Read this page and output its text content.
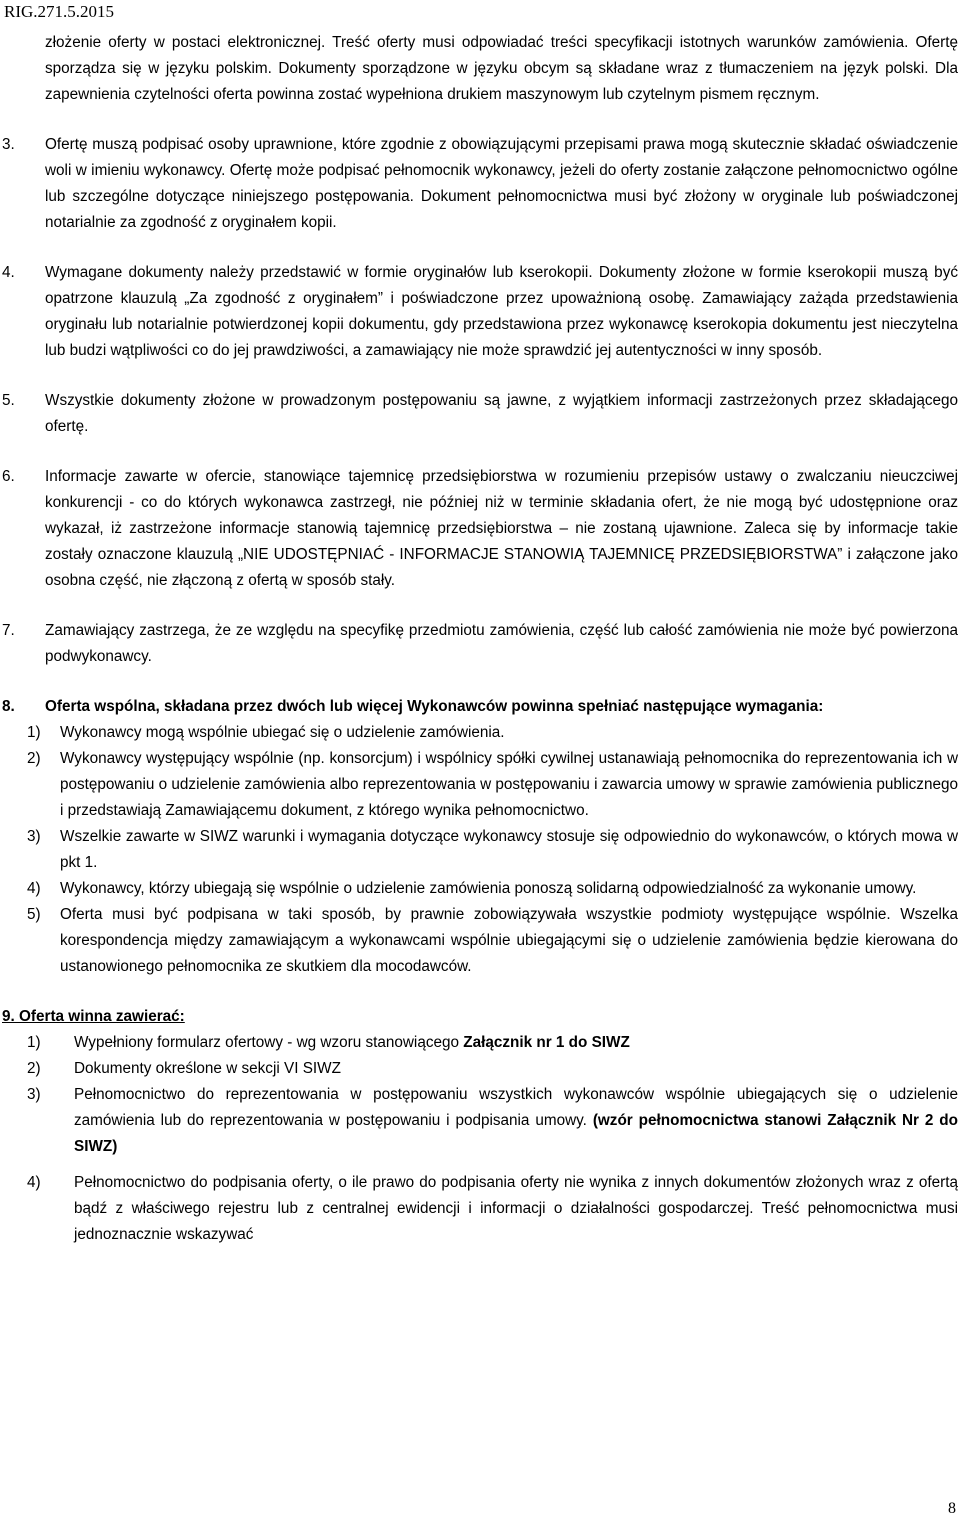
RIG.271.5.2015

złożenie oferty w postaci elektronicznej. Treść oferty musi odpowiadać treści specyfikacji istotnych warunków zamówienia. Ofertę sporządza się w języku polskim. Dokumenty sporządzone w języku obcym są składane wraz z tłumaczeniem na język polski. Dla zapewnienia czytelności oferta powinna zostać wypełniona drukiem maszynowym lub czytelnym pismem ręcznym.

3.	Ofertę muszą podpisać osoby uprawnione, które zgodnie z obowiązującymi przepisami prawa mogą skutecznie składać oświadczenie woli w imieniu wykonawcy. Ofertę może podpisać pełnomocnik wykonawcy, jeżeli do oferty zostanie załączone pełnomocnictwo ogólne lub szczególne dotyczące niniejszego postępowania. Dokument pełnomocnictwa musi być złożony w oryginale lub poświadczonej notarialnie za zgodność z oryginałem kopii.
4.	Wymagane dokumenty należy przedstawić w formie oryginałów lub kserokopii. Dokumenty złożone w formie kserokopii muszą być opatrzone klauzulą „Za zgodność z oryginałem” i poświadczone przez upoważnioną osobę. Zamawiający zażąda przedstawienia oryginału lub notarialnie potwierdzonej kopii dokumentu, gdy przedstawiona przez wykonawcę kserokopia dokumentu jest nieczytelna lub budzi wątpliwości co do jej prawdziwości, a zamawiający nie może sprawdzić jej autentyczności w inny sposób.
5.	Wszystkie dokumenty złożone w prowadzonym postępowaniu są jawne, z wyjątkiem informacji zastrzeżonych przez składającego ofertę.
6.	Informacje zawarte w ofercie, stanowiące tajemnicę przedsiębiorstwa w rozumieniu przepisów ustawy o zwalczaniu nieuczciwej konkurencji - co do których wykonawca zastrzegł, nie później niż w terminie składania ofert, że nie mogą być udostępnione oraz wykazał, iż zastrzeżone informacje stanowią tajemnicę przedsiębiorstwa – nie zostaną ujawnione. Zaleca się by informacje takie zostały oznaczone klauzulą „NIE UDOSTĘPNIAĆ - INFORMACJE STANOWIĄ TAJEMNICĘ PRZEDSIĘBIORSTWA” i załączone jako osobna część, nie złączoną z ofertą w sposób stały.
7.	Zamawiający zastrzega, że ze względu na specyfikę przedmiotu zamówienia, część lub całość zamówienia nie może być powierzona podwykonawcy.
8.	Oferta wspólna, składana przez dwóch lub więcej Wykonawców powinna spełniać następujące wymagania:
1)	Wykonawcy mogą wspólnie ubiegać się o udzielenie zamówienia.
2)	Wykonawcy występujący wspólnie (np. konsorcjum) i wspólnicy spółki cywilnej ustanawiają pełnomocnika do reprezentowania ich w postępowaniu o udzielenie zamówienia albo reprezentowania w postępowaniu i zawarcia umowy w sprawie zamówienia publicznego i przedstawiają Zamawiającemu dokument, z którego wynika pełnomocnictwo.
3)	Wszelkie zawarte w SIWZ warunki i wymagania dotyczące wykonawcy stosuje się odpowiednio do wykonawców, o których mowa w pkt 1.
4)	Wykonawcy, którzy ubiegają się wspólnie o udzielenie zamówienia ponoszą solidarną odpowiedzialność za wykonanie umowy.
5)	Oferta musi być podpisana w taki sposób, by prawnie zobowiązywała wszystkie podmioty występujące wspólnie. Wszelka korespondencja między zamawiającym a wykonawcami wspólnie ubiegającymi się o udzielenie zamówienia będzie kierowana do ustanowionego pełnomocnika ze skutkiem dla mocodawców.

9. Oferta winna zawierać:

1)	Wypełniony formularz ofertowy - wg wzoru stanowiącego Załącznik nr 1 do SIWZ
2)	Dokumenty określone w sekcji VI SIWZ
3)	Pełnomocnictwo do reprezentowania w postępowaniu wszystkich wykonawców wspólnie ubiegających się o udzielenie zamówienia lub do reprezentowania w postępowaniu i podpisania umowy. (wzór pełnomocnictwa stanowi Załącznik Nr 2 do SIWZ)
4)	Pełnomocnictwo do podpisania oferty, o ile prawo do podpisania oferty nie wynika z innych dokumentów złożonych wraz z ofertą bądź z właściwego rejestru lub z centralnej ewidencji i informacji o działalności gospodarczej. Treść pełnomocnictwa musi jednoznacznie wskazywać
8
